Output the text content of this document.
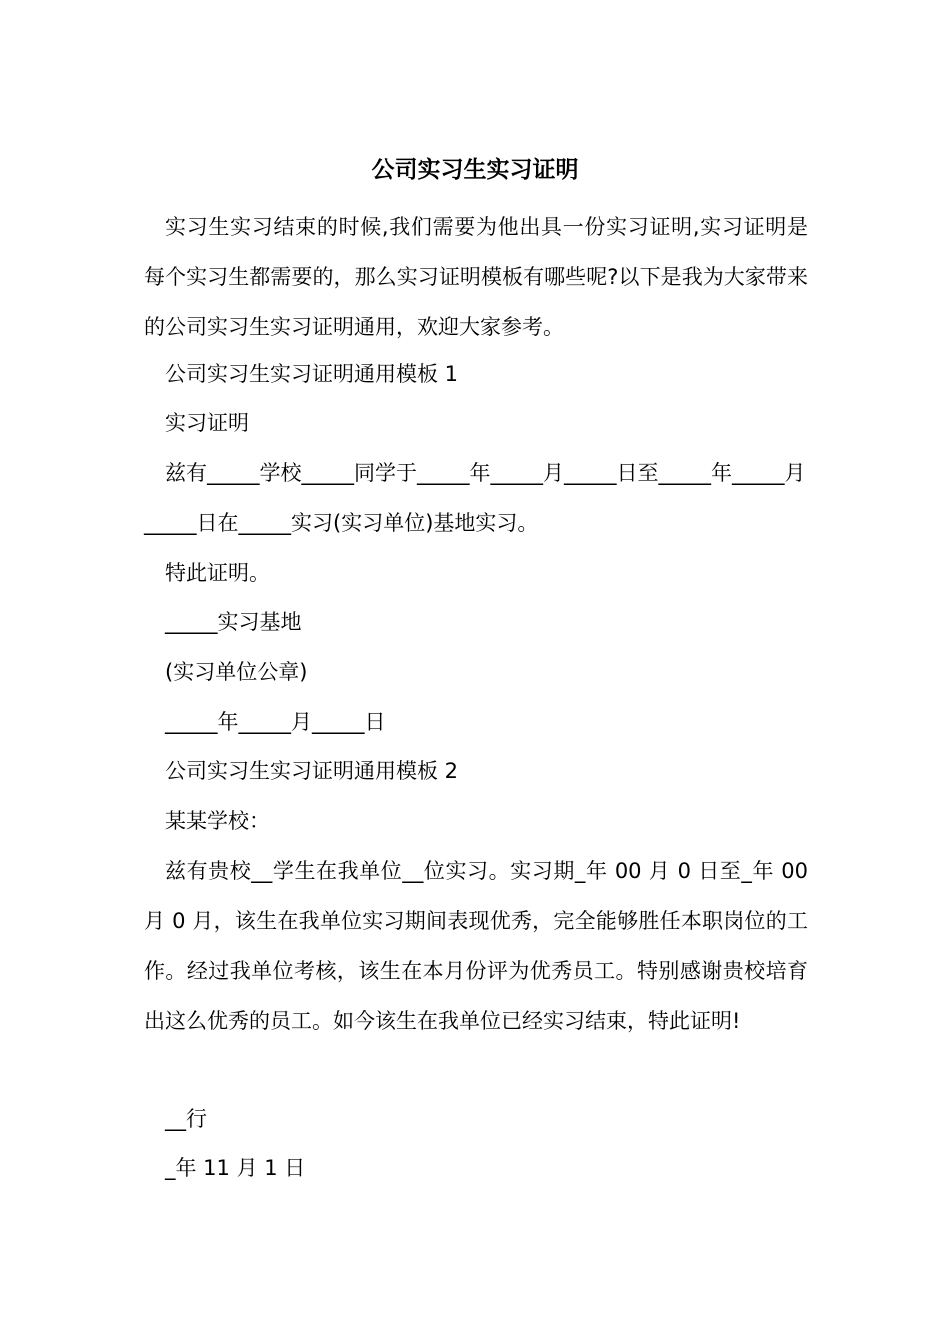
公司实习生实习证明

实习生实习结束的时候,我们需要为他出具一份实习证明,实习证明是每个实习生都需要的，那么实习证明模板有哪些呢?以下是我为大家带来的公司实习生实习证明通用，欢迎大家参考。

公司实习生实习证明通用模板 1

实习证明

兹有_____学校_____同学于_____年_____月_____日至_____年_____月_____日在_____实习(实习单位)基地实习。

特此证明。

_____实习基地

(实习单位公章)

_____年_____月_____日

公司实习生实习证明通用模板 2

某某学校：

兹有贵校__学生在我单位__位实习。实习期_年 00 月 0 日至_年 00 月 0 月，该生在我单位实习期间表现优秀，完全能够胜任本职岗位的工作。经过我单位考核，该生在本月份评为优秀员工。特别感谢贵校培育出这么优秀的员工。如今该生在我单位已经实习结束，特此证明!

__行

_年 11 月 1 日
